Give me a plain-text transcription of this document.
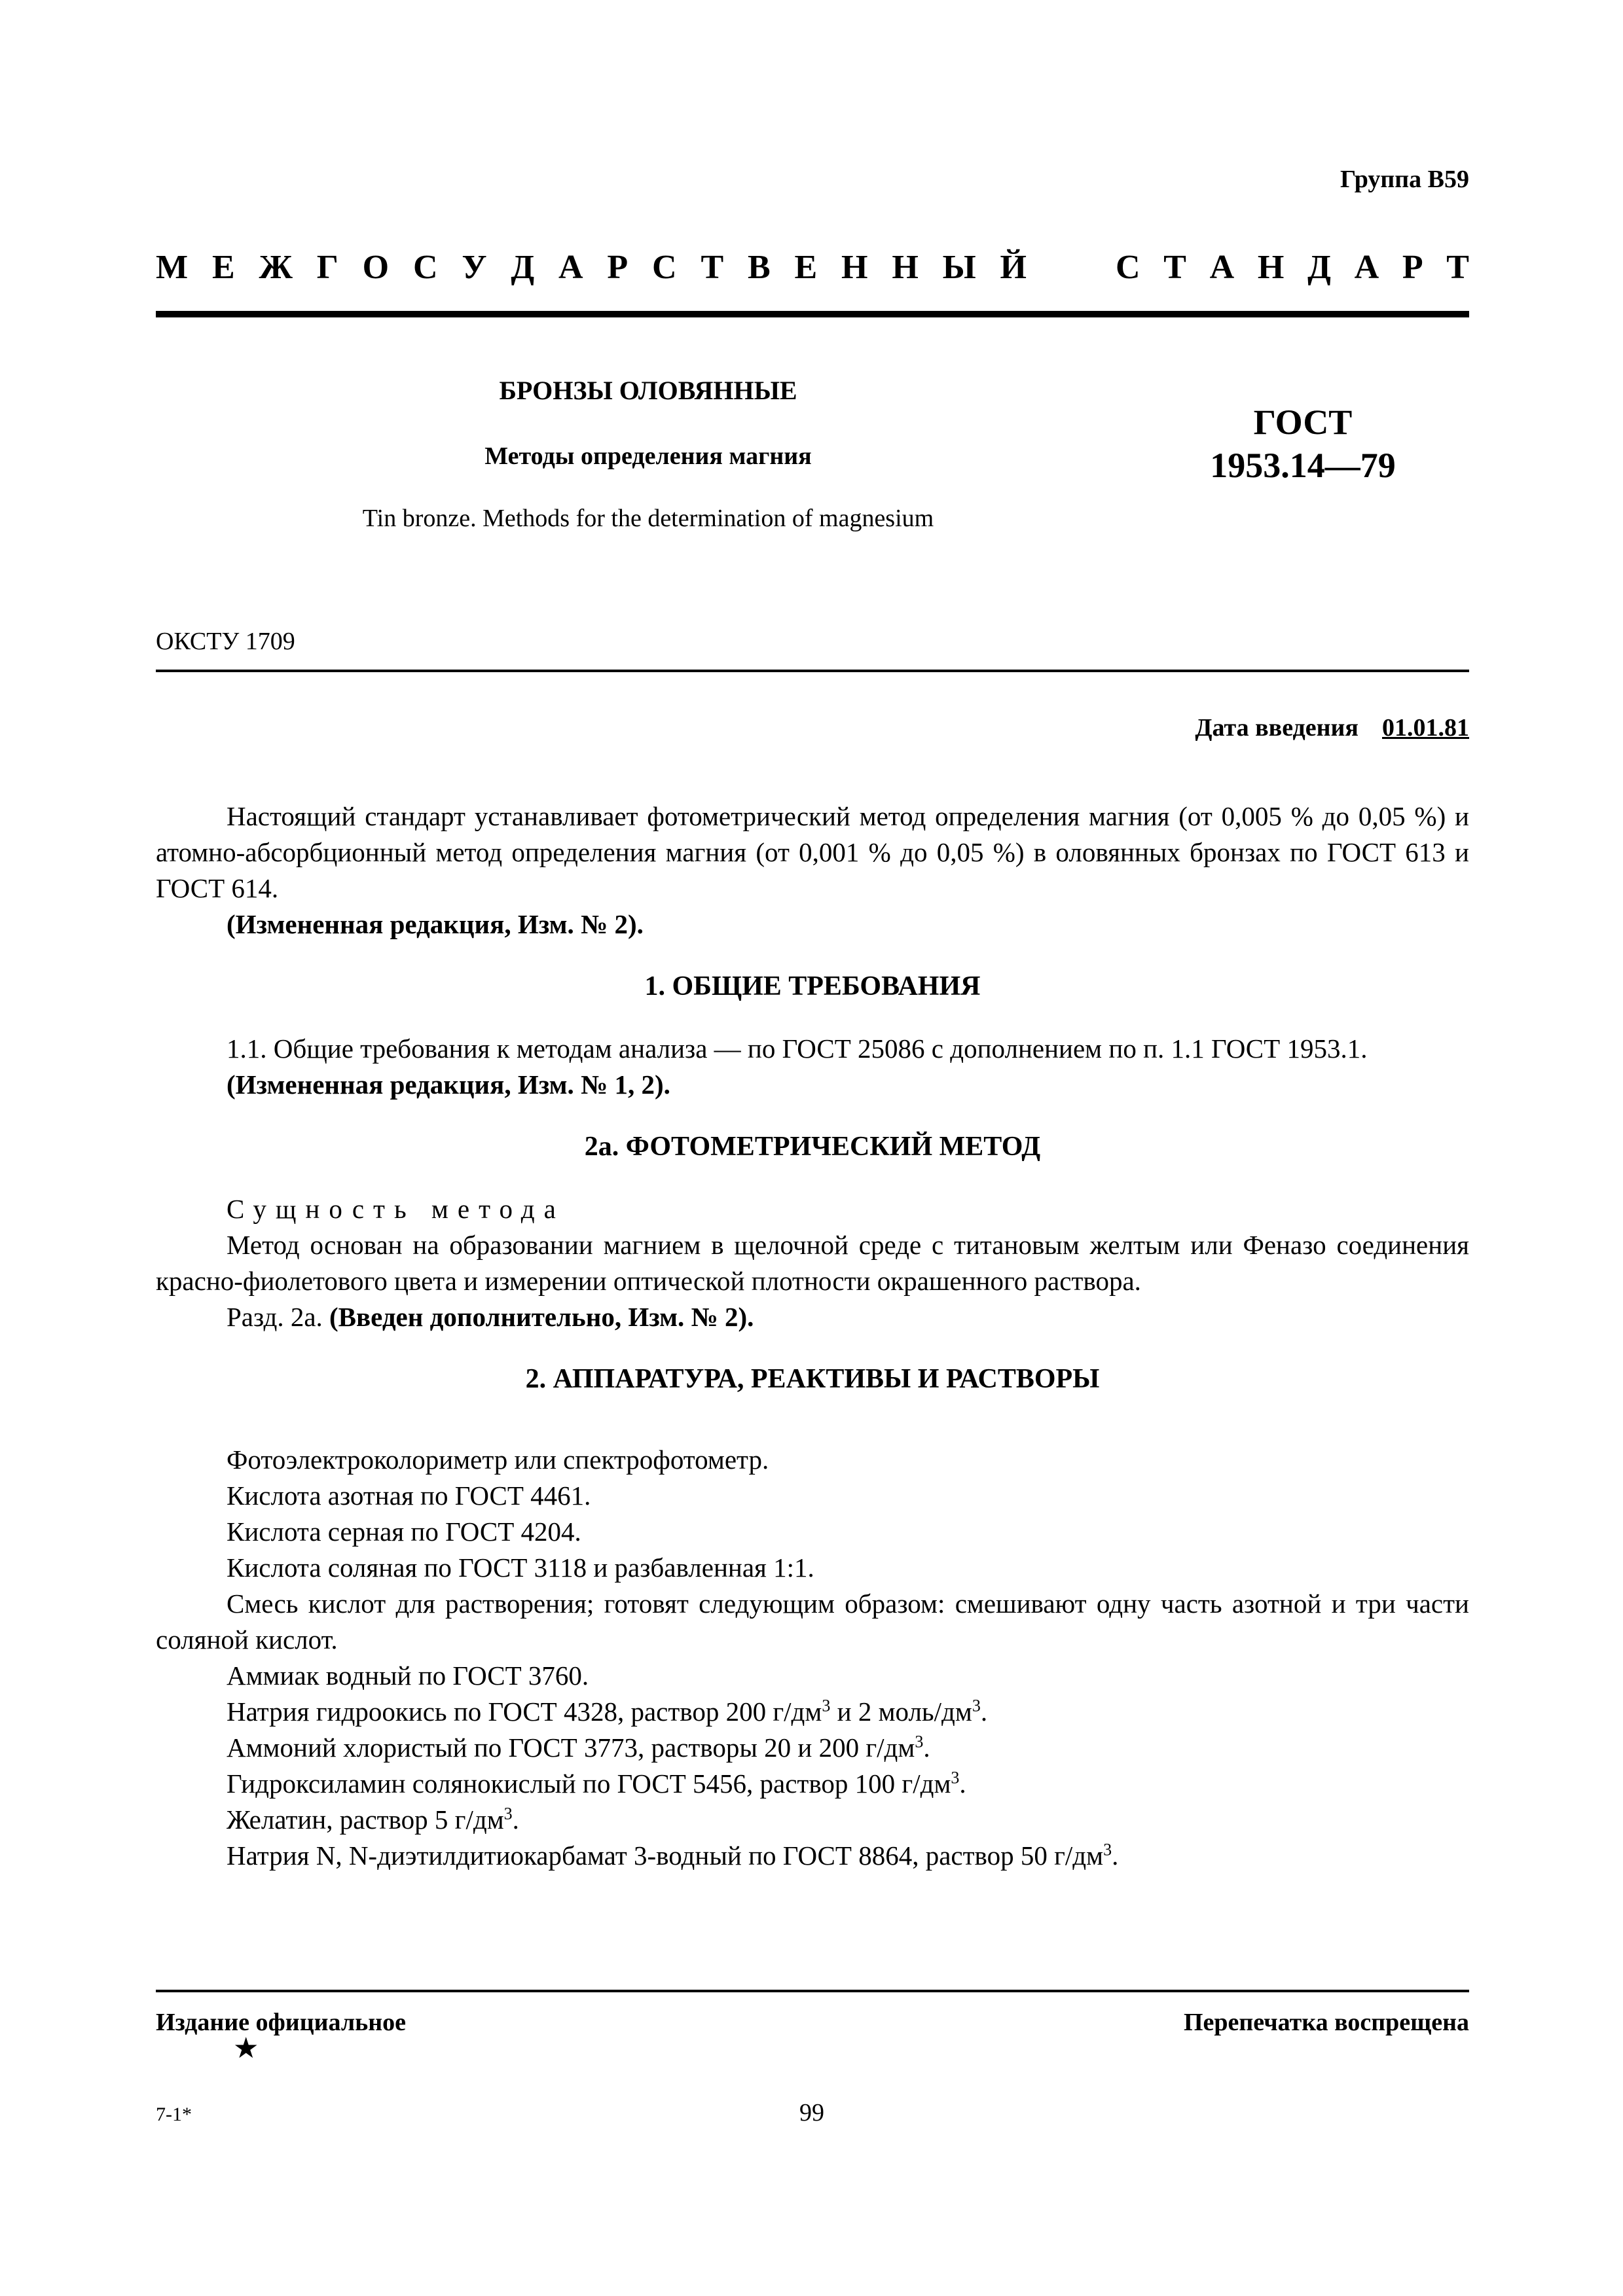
Группа В59
М Е Ж Г О С У Д А Р С Т В Е Н Н Ы Й	С Т А Н Д А Р Т
БРОНЗЫ ОЛОВЯННЫЕ
Методы определения магния
Tin bronze. Methods for the determination of magnesium
ГОСТ
1953.14—79
ОКСТУ 1709
Дата введения 01.01.81

Настоящий стандарт устанавливает фотометрический метод определения магния (от 0,005 % до 0,05 %) и атомно-абсорбционный метод определения магния (от 0,001 % до 0,05 %) в оловянных бронзах по ГОСТ 613 и ГОСТ 614.

(Измененная редакция, Изм. № 2).

1. ОБЩИЕ ТРЕБОВАНИЯ

1.1. Общие требования к методам анализа — по ГОСТ 25086 с дополнением по п. 1.1 ГОСТ 1953.1.

(Измененная редакция, Изм. № 1, 2).

2а. ФОТОМЕТРИЧЕСКИЙ МЕТОД

Сущность метода

Метод основан на образовании магнием в щелочной среде с титановым желтым или Феназо соединения красно-фиолетового цвета и измерении оптической плотности окрашенного раствора.

Разд. 2а. (Введен дополнительно, Изм. № 2).

2. АППАРАТУРА, РЕАКТИВЫ И РАСТВОРЫ

Фотоэлектроколориметр или спектрофотометр.

Кислота азотная по ГОСТ 4461.

Кислота серная по ГОСТ 4204.

Кислота соляная по ГОСТ 3118 и разбавленная 1:1.

Смесь кислот для растворения; готовят следующим образом: смешивают одну часть азотной и три части соляной кислот.

Аммиак водный по ГОСТ 3760.

Натрия гидроокись по ГОСТ 4328, раствор 200 $г/дм^3$ и 2 моль/$дм^3$.

Аммоний хлористый по ГОСТ 3773, растворы 20 и 200 $г/дм^3$.

Гидроксиламин солянокислый по ГОСТ 5456, раствор 100 $г/дм^3$.

Желатин, раствор 5 $г/дм^3$.

Натрия N, N-диэтилдитиокарбамат 3-водный по ГОСТ 8864, раствор 50 $г/дм^3$.

Издание официальное
★
Перепечатка воспрещена
7-1*	99
